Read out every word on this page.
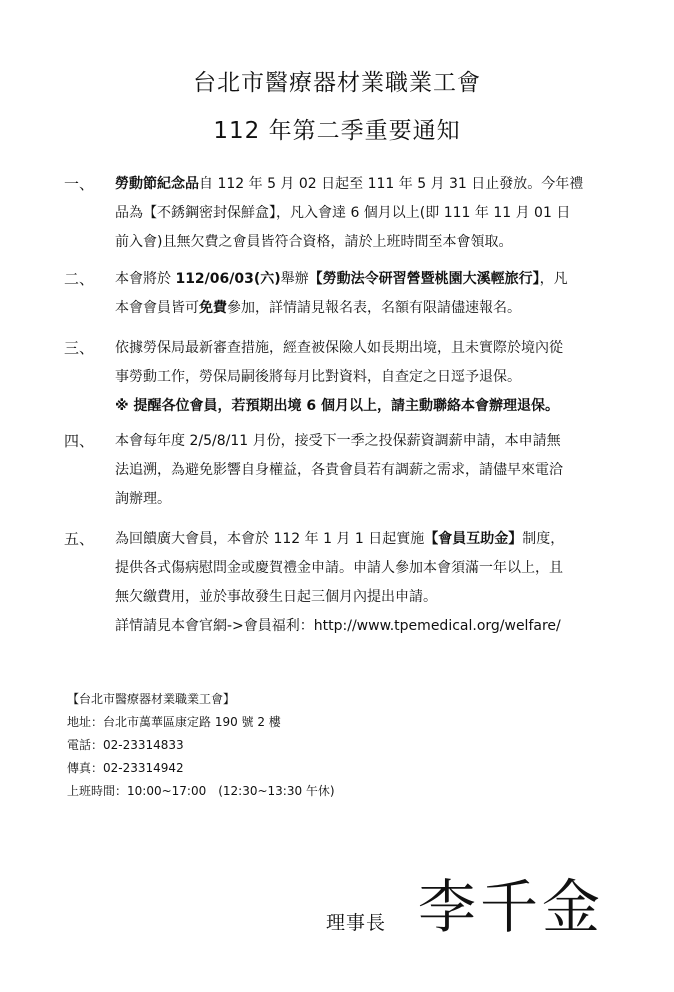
台北市醫療器材業職業工會
112 年第二季重要通知
一、	勞動節紀念品自 112 年 5 月 02 日起至 111 年 5 月 31 日止發放。今年禮
品為【不銹鋼密封保鮮盒】，凡入會達 6 個月以上(即 111 年 11 月 01 日
前入會)且無欠費之會員皆符合資格，請於上班時間至本會領取。
二、	本會將於 112/06/03(六)舉辦【勞動法令研習營暨桃園大溪輕旅行】，凡
本會會員皆可免費參加，詳情請見報名表，名額有限請儘速報名。
三、	依據勞保局最新審查措施，經查被保險人如長期出境，且未實際於境內從
事勞動工作，勞保局嗣後將每月比對資料，自查定之日逕予退保。
※ 提醒各位會員，若預期出境 6 個月以上，請主動聯絡本會辦理退保。
四、	本會每年度 2/5/8/11 月份，接受下一季之投保薪資調薪申請，本申請無
法追溯，為避免影響自身權益，各貴會員若有調薪之需求，請儘早來電洽
詢辦理。
五、	為回饋廣大會員，本會於 112 年 1 月 1 日起實施【會員互助金】制度，
提供各式傷病慰問金或慶賀禮金申請。申請人參加本會須滿一年以上，且
無欠繳費用，並於事故發生日起三個月內提出申請。
詳情請見本會官網->會員福利：http://www.tpemedical.org/welfare/
【台北市醫療器材業職業工會】
地址：台北市萬華區康定路 190 號 2 樓
電話：02-23314833
傳真：02-23314942
上班時間：10:00~17:00　(12:30~13:30 午休)
理事長 李千金
